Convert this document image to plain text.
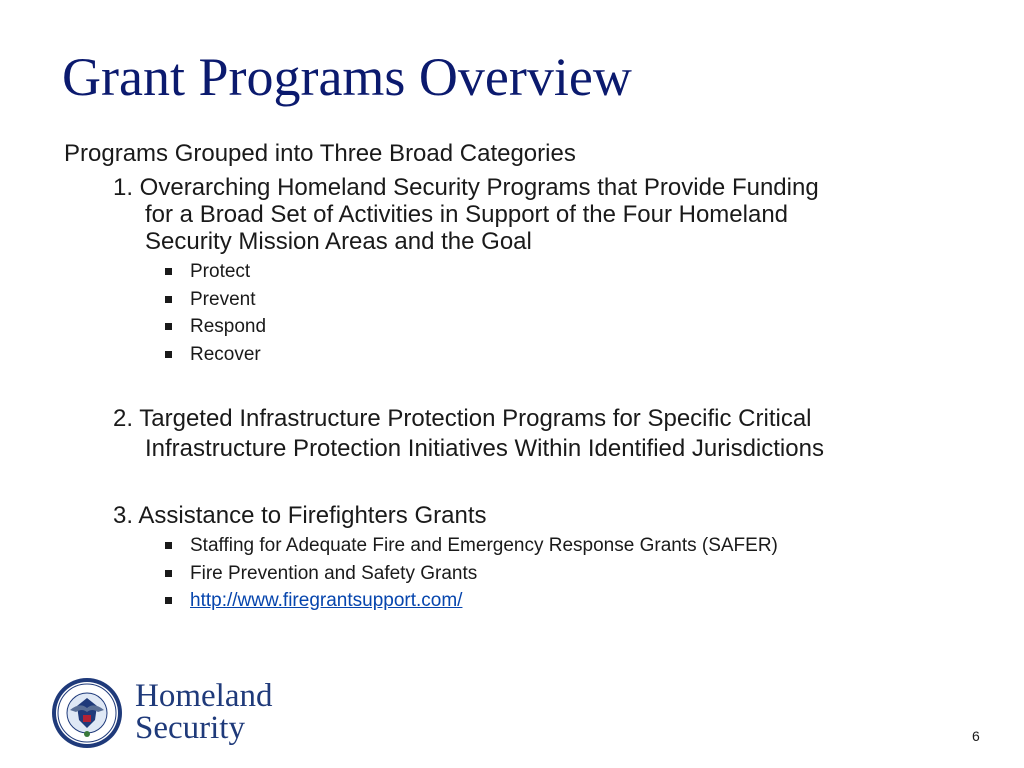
Grant Programs Overview
Programs Grouped into Three Broad Categories
1. Overarching Homeland Security Programs that Provide Funding
for a Broad Set of Activities in Support of the Four Homeland
Security Mission Areas and the Goal
Protect
Prevent
Respond
Recover
2. Targeted Infrastructure Protection Programs for Specific Critical
Infrastructure Protection Initiatives Within Identified Jurisdictions
3. Assistance to Firefighters Grants
Staffing for Adequate Fire and Emergency Response Grants (SAFER)
Fire Prevention and Safety Grants
http://www.firegrantsupport.com/
Homeland
Security	6
